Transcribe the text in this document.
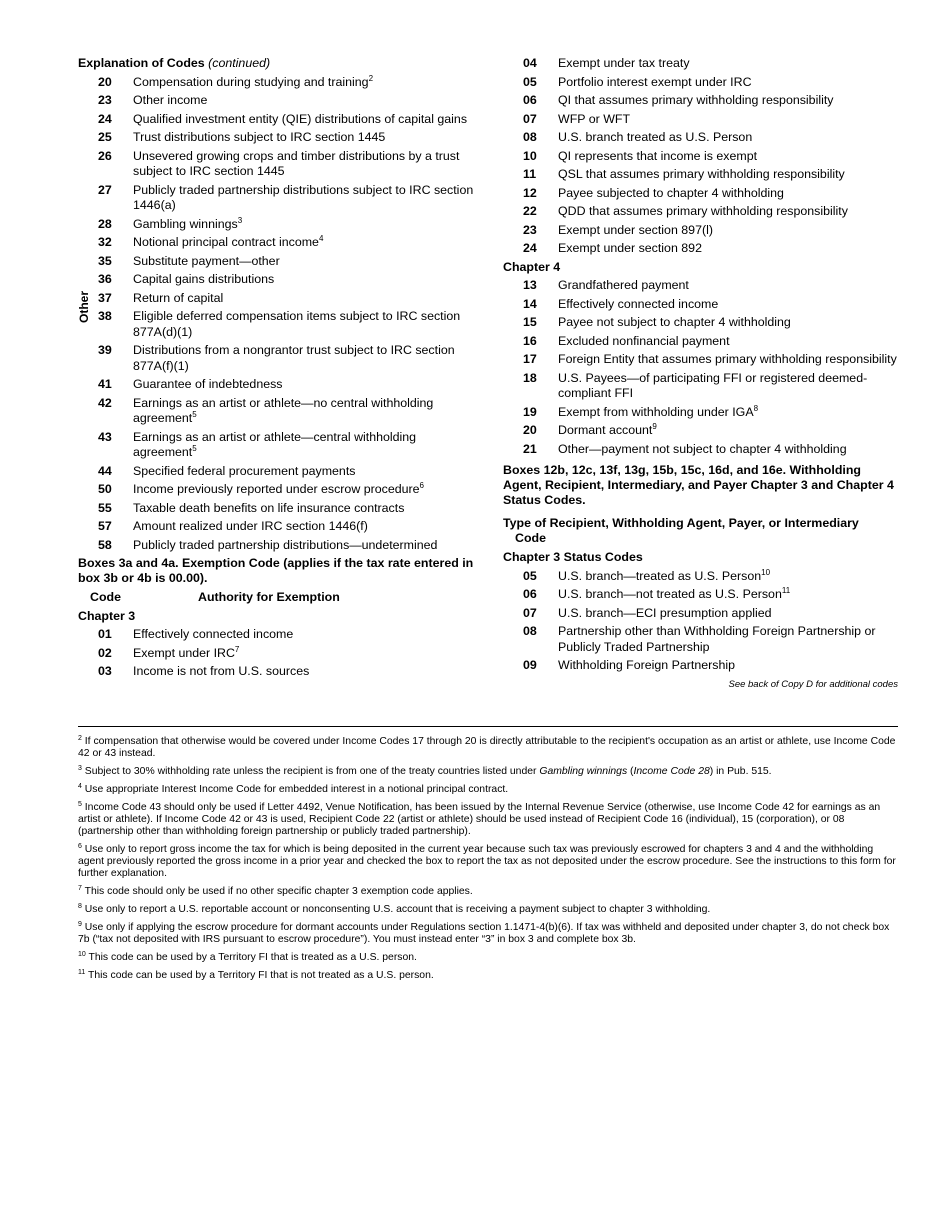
Explanation of Codes (continued)
20	Compensation during studying and training$^2$
23	Other income
24	Qualified investment entity (QIE) distributions of capital gains
25	Trust distributions subject to IRC section 1445
26	Unsevered growing crops and timber distributions by a trust subject to IRC section 1445
27	Publicly traded partnership distributions subject to IRC section 1446(a)
28	Gambling winnings$^3$
32	Notional principal contract income$^4$
35	Substitute payment—other
36	Capital gains distributions
37	Return of capital
38	Eligible deferred compensation items subject to IRC section 877A(d)(1)
39	Distributions from a nongrantor trust subject to IRC section 877A(f)(1)
41	Guarantee of indebtedness
42	Earnings as an artist or athlete—no central withholding agreement$^5$
43	Earnings as an artist or athlete—central withholding agreement$^5$
44	Specified federal procurement payments
50	Income previously reported under escrow procedure$^6$
55	Taxable death benefits on life insurance contracts
57	Amount realized under IRC section 1446(f)
58	Publicly traded partnership distributions—undetermined
Boxes 3a and 4a. Exemption Code (applies if the tax rate entered in box 3b or 4b is 00.00).
Code	Authority for Exemption
Chapter 3
01	Effectively connected income
02	Exempt under IRC$^7$
03	Income is not from U.S. sources
Other
04	Exempt under tax treaty
05	Portfolio interest exempt under IRC
06	QI that assumes primary withholding responsibility
07	WFP or WFT
08	U.S. branch treated as U.S. Person
10	QI represents that income is exempt
11	QSL that assumes primary withholding responsibility
12	Payee subjected to chapter 4 withholding
22	QDD that assumes primary withholding responsibility
23	Exempt under section 897(l)
24	Exempt under section 892
Chapter 4
13	Grandfathered payment
14	Effectively connected income
15	Payee not subject to chapter 4 withholding
16	Excluded nonfinancial payment
17	Foreign Entity that assumes primary withholding responsibility
18	U.S. Payees—of participating FFI or registered deemed-compliant FFI
19	Exempt from withholding under IGA$^8$
20	Dormant account$^9$
21	Other—payment not subject to chapter 4 withholding
Boxes 12b, 12c, 13f, 13g, 15b, 15c, 16d, and 16e. Withholding Agent, Recipient, Intermediary, and Payer Chapter 3 and Chapter 4 Status Codes.
Type of Recipient, Withholding Agent, Payer, or Intermediary
Code
Chapter 3 Status Codes
05	U.S. branch—treated as U.S. Person$^{10}$
06	U.S. branch—not treated as U.S. Person$^{11}$
07	U.S. branch—ECI presumption applied
08	Partnership other than Withholding Foreign Partnership or Publicly Traded Partnership
09	Withholding Foreign Partnership
See back of Copy D for additional codes
$^2$ If compensation that otherwise would be covered under Income Codes 17 through 20 is directly attributable to the recipient's occupation as an artist or athlete, use Income Code 42 or 43 instead.
$^3$ Subject to 30% withholding rate unless the recipient is from one of the treaty countries listed under Gambling winnings (Income Code 28) in Pub. 515.
$^4$ Use appropriate Interest Income Code for embedded interest in a notional principal contract.
$^5$ Income Code 43 should only be used if Letter 4492, Venue Notification, has been issued by the Internal Revenue Service (otherwise, use Income Code 42 for earnings as an artist or athlete). If Income Code 42 or 43 is used, Recipient Code 22 (artist or athlete) should be used instead of Recipient Code 16 (individual), 15 (corporation), or 08 (partnership other than withholding foreign partnership or publicly traded partnership).
$^6$ Use only to report gross income the tax for which is being deposited in the current year because such tax was previously escrowed for chapters 3 and 4 and the withholding agent previously reported the gross income in a prior year and checked the box to report the tax as not deposited under the escrow procedure. See the instructions to this form for further explanation.
$^7$ This code should only be used if no other specific chapter 3 exemption code applies.
$^8$ Use only to report a U.S. reportable account or nonconsenting U.S. account that is receiving a payment subject to chapter 3 withholding.
$^9$ Use only if applying the escrow procedure for dormant accounts under Regulations section 1.1471-4(b)(6). If tax was withheld and deposited under chapter 3, do not check box 7b (“tax not deposited with IRS pursuant to escrow procedure”). You must instead enter “3” in box 3 and complete box 3b.
$^{10}$ This code can be used by a Territory FI that is treated as a U.S. person.
$^{11}$ This code can be used by a Territory FI that is not treated as a U.S. person.
